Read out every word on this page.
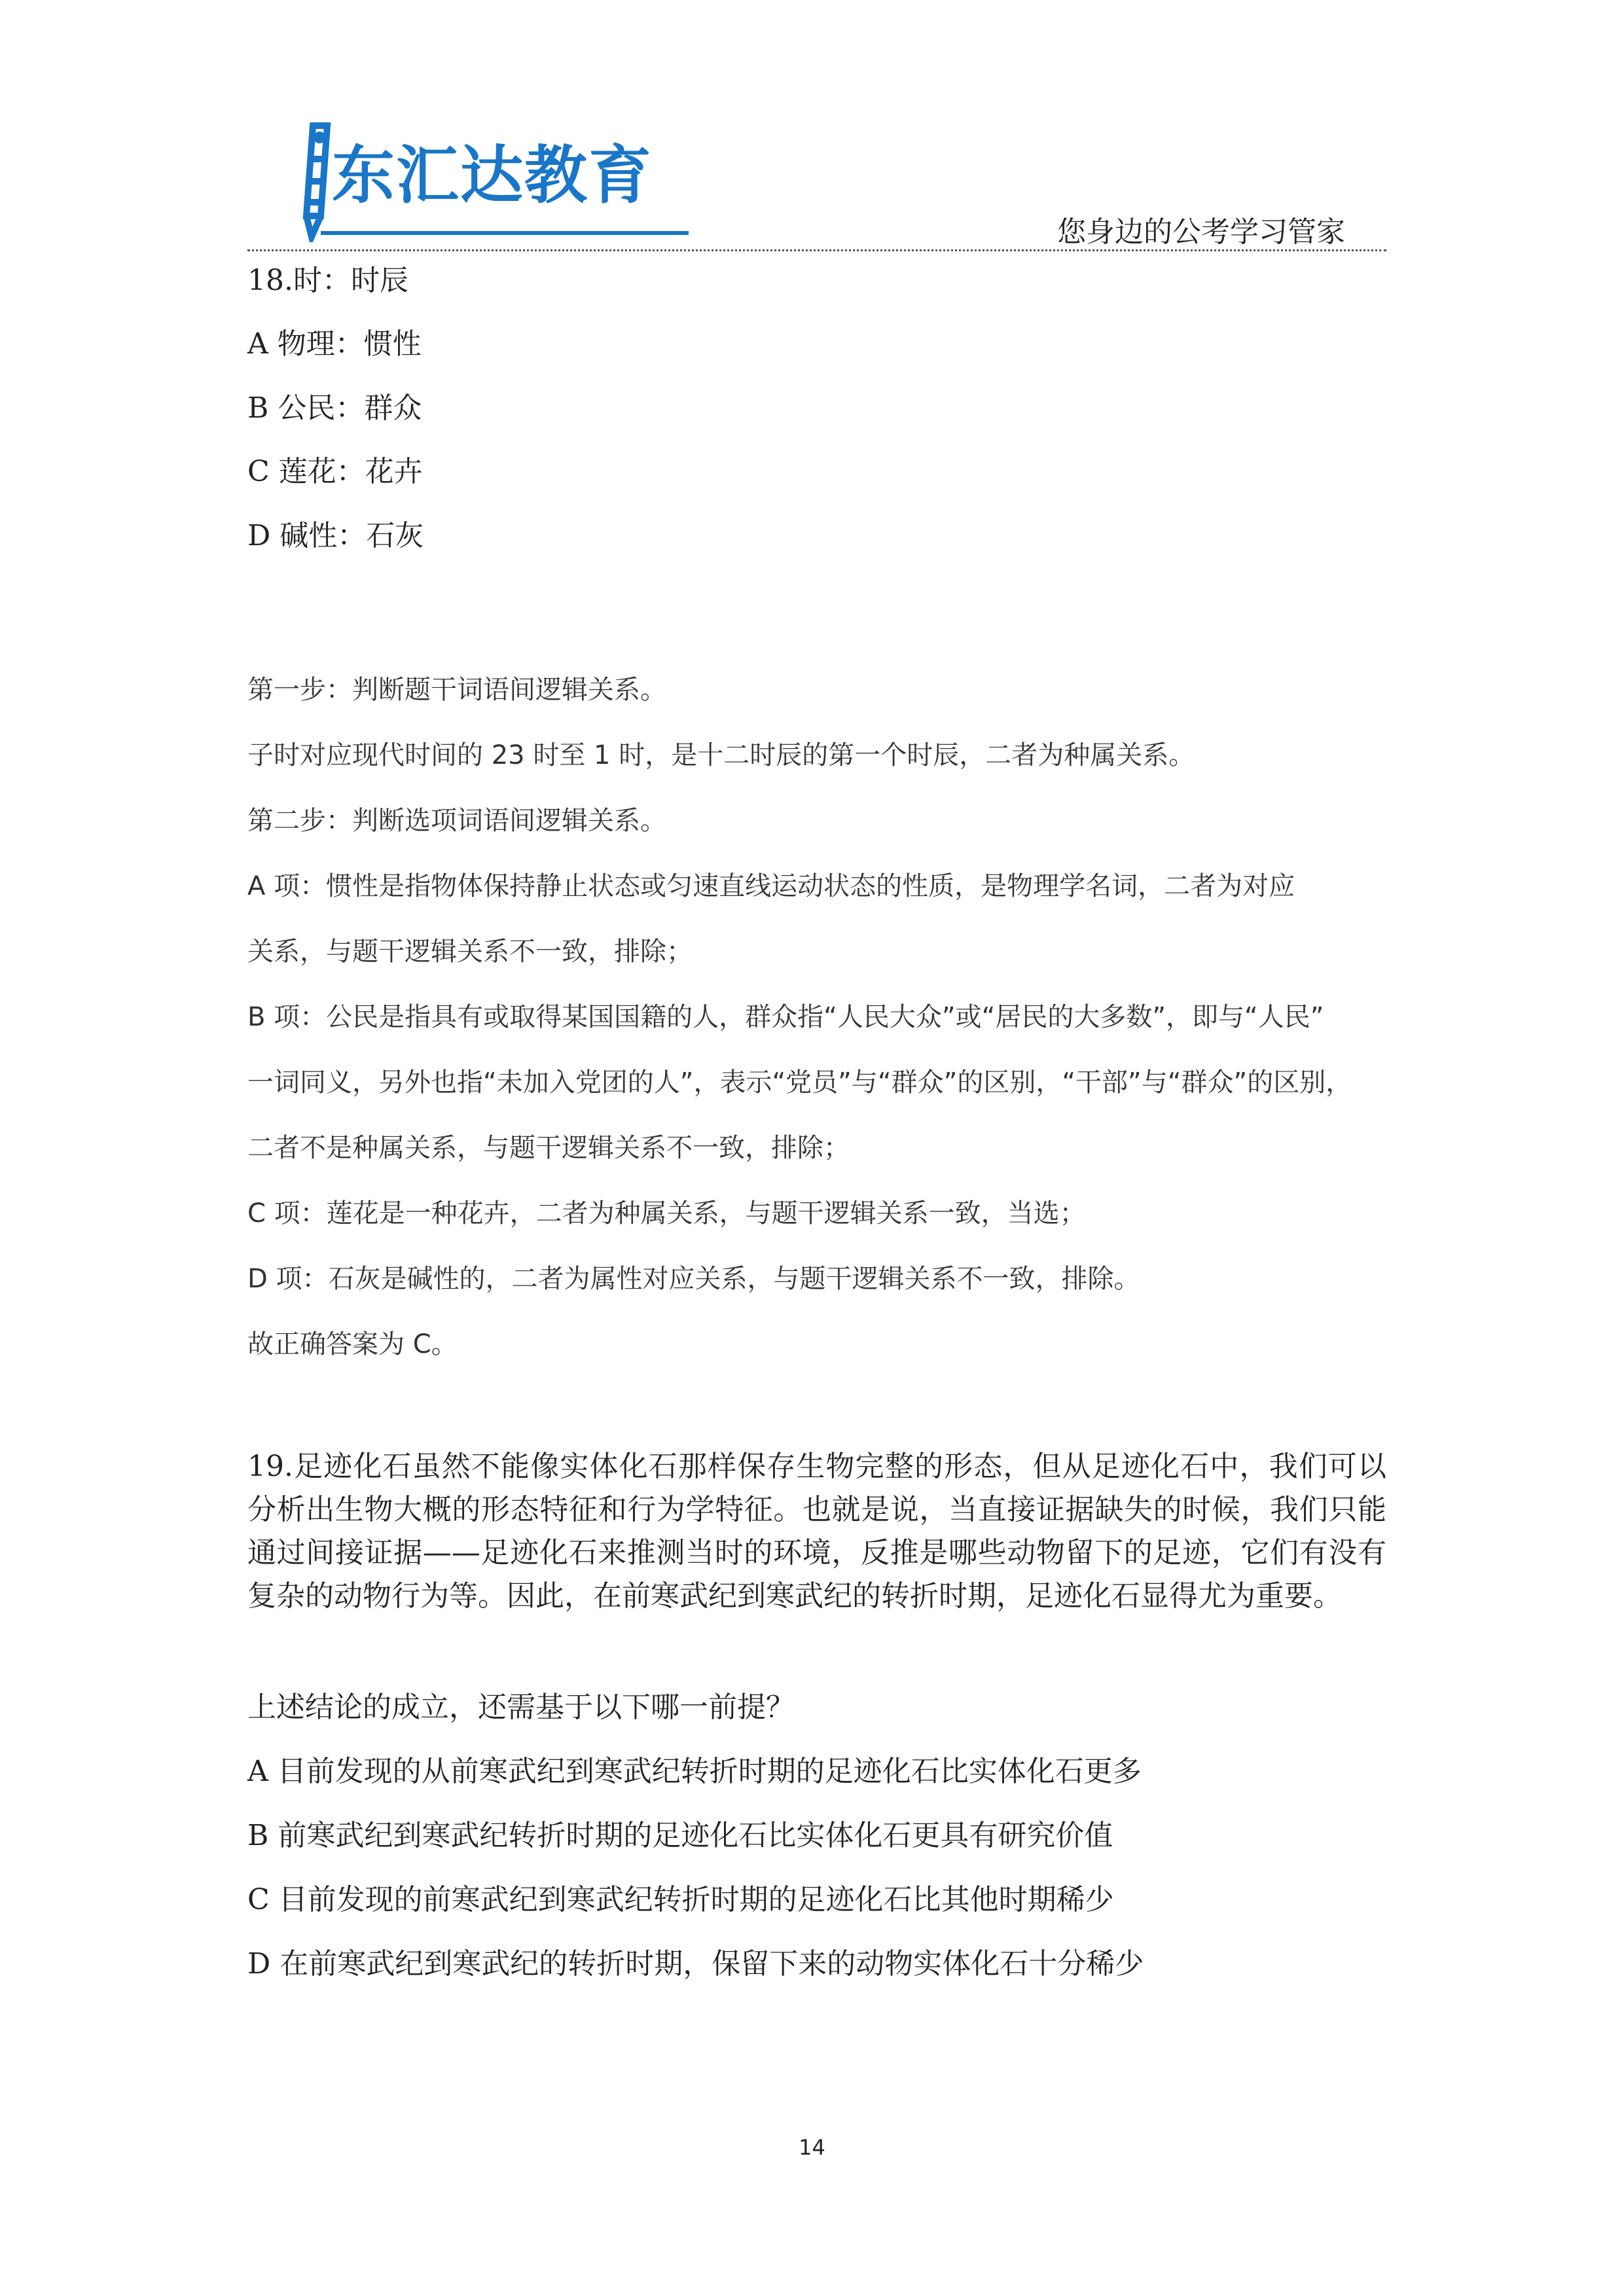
东汇达教育
您身边的公考学习管家
18.时：时辰
A 物理：惯性
B 公民：群众
C 莲花：花卉
D 碱性：石灰
第一步：判断题干词语间逻辑关系。
子时对应现代时间的 23 时至 1 时，是十二时辰的第一个时辰，二者为种属关系。
第二步：判断选项词语间逻辑关系。
A 项：惯性是指物体保持静止状态或匀速直线运动状态的性质，是物理学名词，二者为对应
关系，与题干逻辑关系不一致，排除；
B 项：公民是指具有或取得某国国籍的人，群众指“人民大众”或“居民的大多数”，即与“人民”
一词同义，另外也指“未加入党团的人”，表示“党员”与“群众”的区别，“干部”与“群众”的区别，
二者不是种属关系，与题干逻辑关系不一致，排除；
C 项：莲花是一种花卉，二者为种属关系，与题干逻辑关系一致，当选；
D 项：石灰是碱性的，二者为属性对应关系，与题干逻辑关系不一致，排除。
故正确答案为 C。
19.足迹化石虽然不能像实体化石那样保存生物完整的形态，但从足迹化石中，我们可以分析出生物大概的形态特征和行为学特征。也就是说，当直接证据缺失的时候，我们只能通过间接证据——足迹化石来推测当时的环境，反推是哪些动物留下的足迹，它们有没有复杂的动物行为等。因此，在前寒武纪到寒武纪的转折时期，足迹化石显得尤为重要。
上述结论的成立，还需基于以下哪一前提？
A 目前发现的从前寒武纪到寒武纪转折时期的足迹化石比实体化石更多
B 前寒武纪到寒武纪转折时期的足迹化石比实体化石更具有研究价值
C 目前发现的前寒武纪到寒武纪转折时期的足迹化石比其他时期稀少
D 在前寒武纪到寒武纪的转折时期，保留下来的动物实体化石十分稀少
14
